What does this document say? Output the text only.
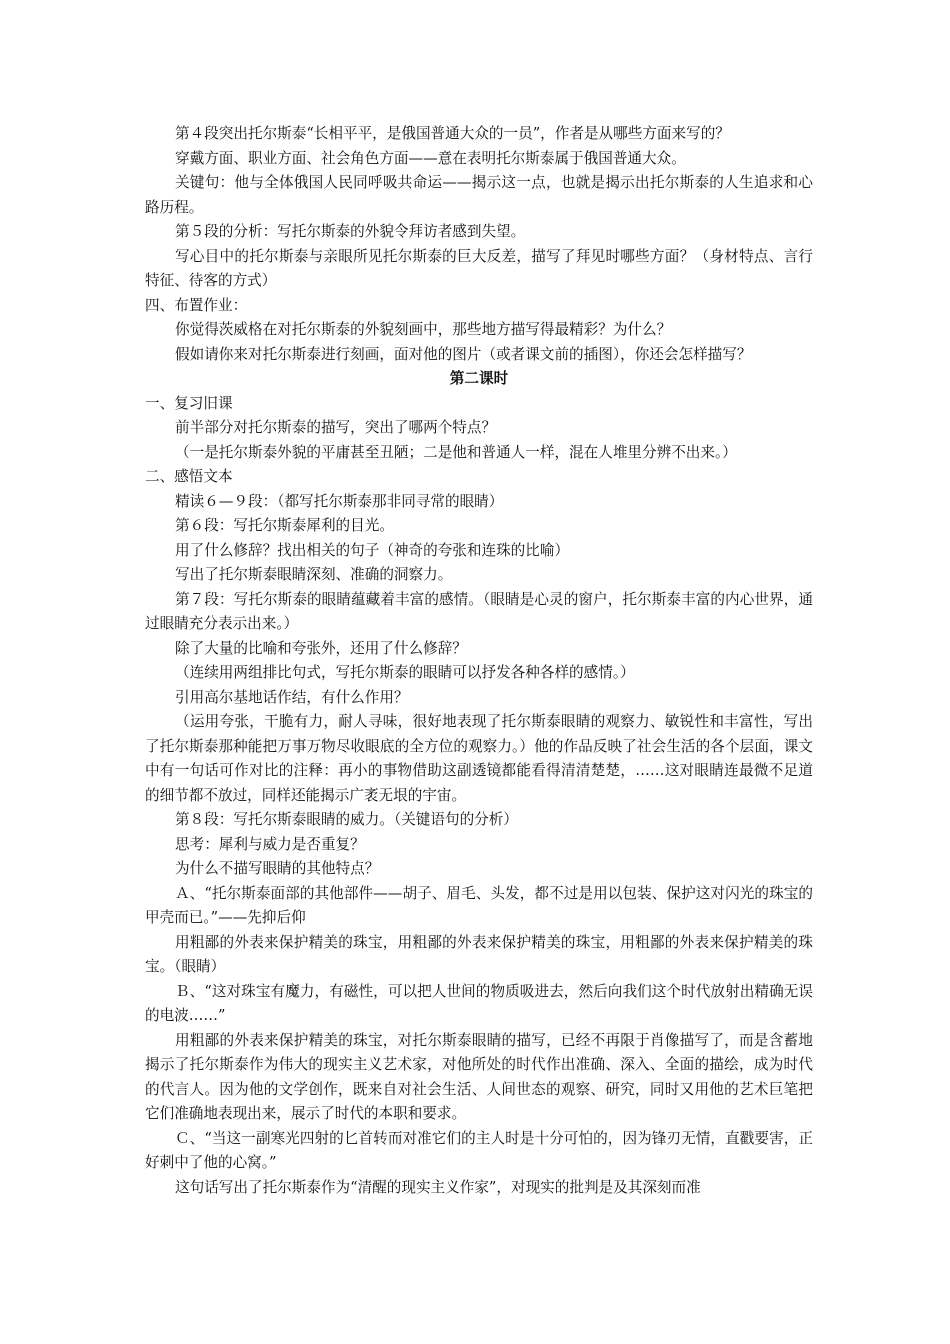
第４段突出托尔斯泰“长相平平，是俄国普通大众的一员”，作者是从哪些方面来写的？

穿戴方面、职业方面、社会角色方面——意在表明托尔斯泰属于俄国普通大众。

关键句：他与全体俄国人民同呼吸共命运——揭示这一点，也就是揭示出托尔斯泰的人生追求和心路历程。

第５段的分析：写托尔斯泰的外貌令拜访者感到失望。

写心目中的托尔斯泰与亲眼所见托尔斯泰的巨大反差，描写了拜见时哪些方面？（身材特点、言行特征、待客的方式）

四、布置作业：

你觉得茨威格在对托尔斯泰的外貌刻画中，那些地方描写得最精彩？为什么？

假如请你来对托尔斯泰进行刻画，面对他的图片（或者课文前的插图），你还会怎样描写？

第二课时

一、复习旧课

前半部分对托尔斯泰的描写，突出了哪两个特点？

（一是托尔斯泰外貌的平庸甚至丑陋；二是他和普通人一样，混在人堆里分辨不出来。）

二、感悟文本

精读６—９段：（都写托尔斯泰那非同寻常的眼睛）

第６段：写托尔斯泰犀利的目光。

用了什么修辞？找出相关的句子（神奇的夸张和连珠的比喻）

写出了托尔斯泰眼睛深刻、准确的洞察力。

第７段：写托尔斯泰的眼睛蕴藏着丰富的感情。（眼睛是心灵的窗户，托尔斯泰丰富的内心世界，通过眼睛充分表示出来。）

除了大量的比喻和夸张外，还用了什么修辞？

（连续用两组排比句式，写托尔斯泰的眼睛可以抒发各种各样的感情。）

引用高尔基地话作结，有什么作用？

（运用夸张，干脆有力，耐人寻味，很好地表现了托尔斯泰眼睛的观察力、敏锐性和丰富性，写出了托尔斯泰那种能把万事万物尽收眼底的全方位的观察力。）他的作品反映了社会生活的各个层面，课文中有一句话可作对比的注释：再小的事物借助这副透镜都能看得清清楚楚，……这对眼睛连最微不足道的细节都不放过，同样还能揭示广袤无垠的宇宙。

第８段：写托尔斯泰眼睛的威力。（关键语句的分析）

思考：犀利与威力是否重复？

为什么不描写眼睛的其他特点？

Ａ、“托尔斯泰面部的其他部件——胡子、眉毛、头发，都不过是用以包装、保护这对闪光的珠宝的甲壳而已。”——先抑后仰

用粗鄙的外表来保护精美的珠宝，用粗鄙的外表来保护精美的珠宝，用粗鄙的外表来保护精美的珠宝。（眼睛）

Ｂ、“这对珠宝有魔力，有磁性，可以把人世间的物质吸进去，然后向我们这个时代放射出精确无误的电波……”

用粗鄙的外表来保护精美的珠宝，对托尔斯泰眼睛的描写，已经不再限于肖像描写了，而是含蓄地揭示了托尔斯泰作为伟大的现实主义艺术家，对他所处的时代作出准确、深入、全面的描绘，成为时代的代言人。因为他的文学创作，既来自对社会生活、人间世态的观察、研究，同时又用他的艺术巨笔把它们准确地表现出来，展示了时代的本职和要求。

Ｃ、“当这一副寒光四射的匕首转而对准它们的主人时是十分可怕的，因为锋刃无情，直戳要害，正好刺中了他的心窝。”

这句话写出了托尔斯泰作为“清醒的现实主义作家”，对现实的批判是及其深刻而准
